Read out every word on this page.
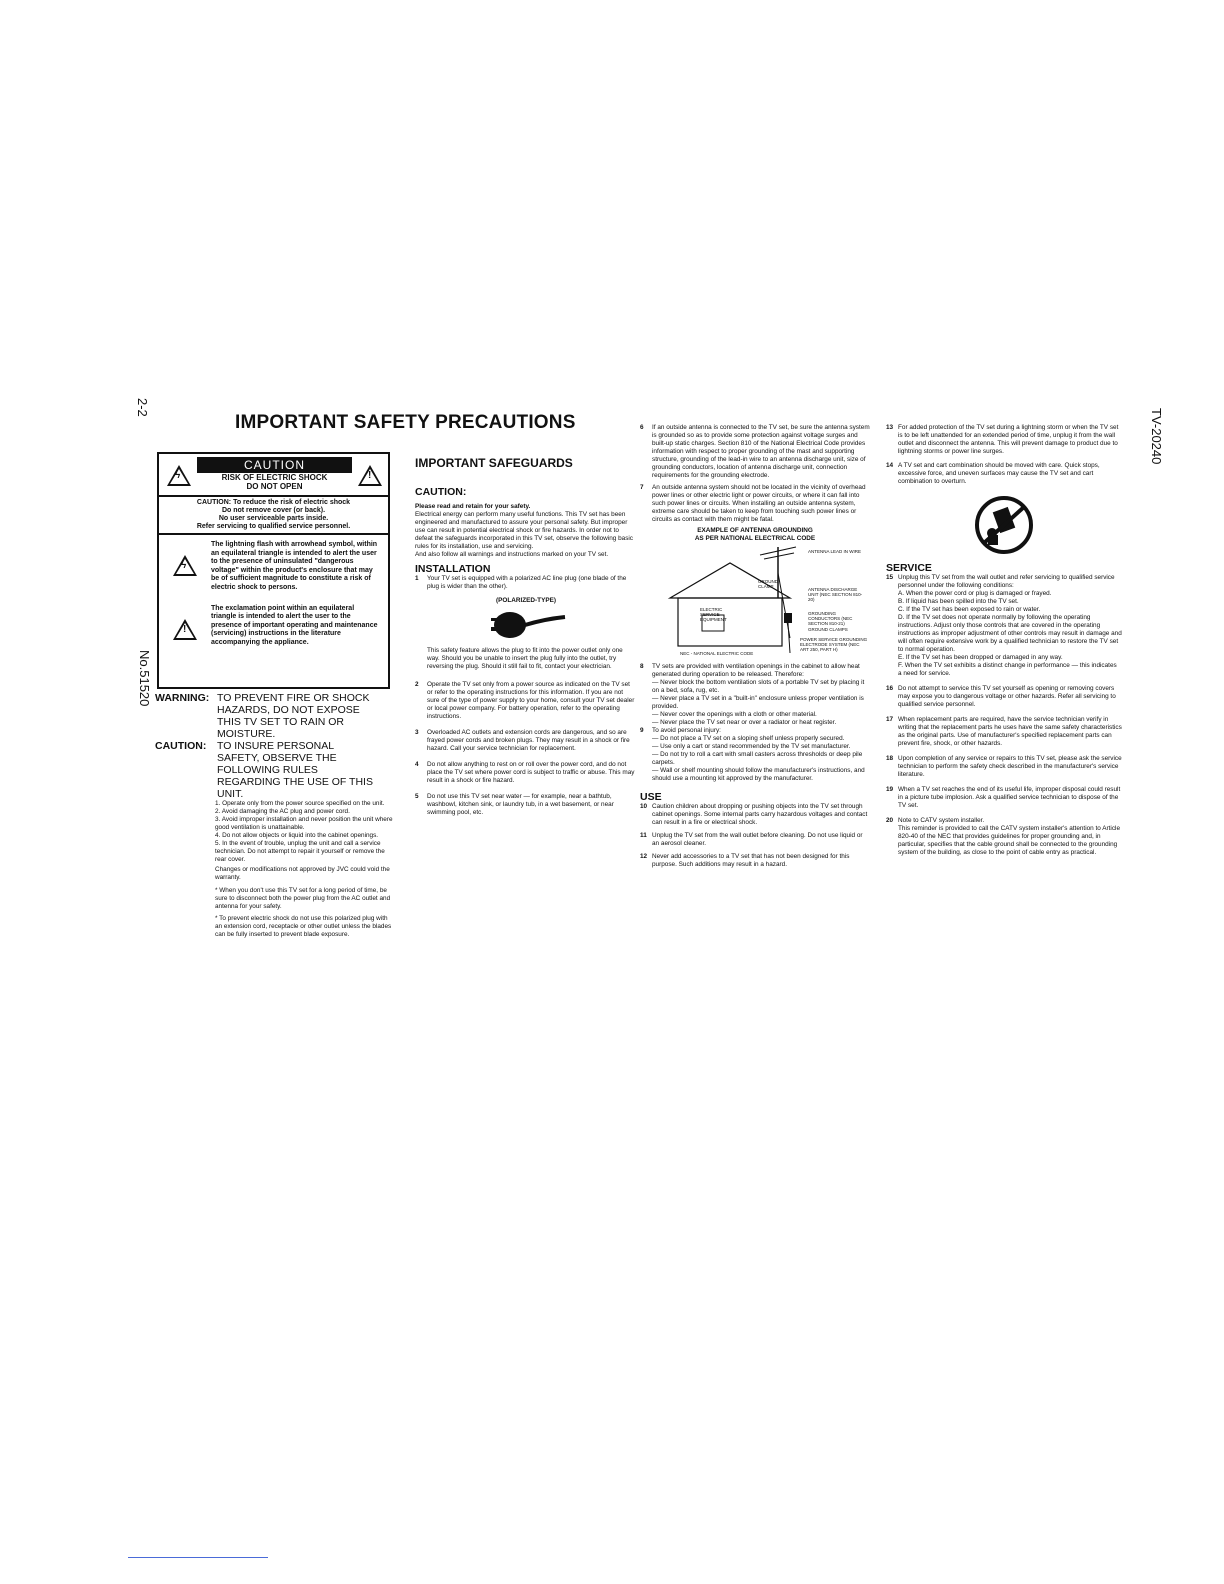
2-2
No.51520
TV-20240
IMPORTANT SAFETY PRECAUTIONS
ϟ
CAUTION
RISK OF ELECTRIC SHOCK
DO NOT OPEN
!
CAUTION: To reduce the risk of electric shock
Do not remove cover (or back).
No user serviceable parts inside.
Refer servicing to qualified service personnel.
ϟ
The lightning flash with arrowhead symbol, within an equilateral triangle is intended to alert the user to the presence of uninsulated "dangerous voltage" within the product's enclosure that may be of sufficient magnitude to constitute a risk of electric shock to persons.
!
The exclamation point within an equilateral triangle is intended to alert the user to the presence of important operating and maintenance (servicing) instructions in the literature accompanying the appliance.
WARNING: TO PREVENT FIRE OR SHOCK HAZARDS, DO NOT EXPOSE THIS TV SET TO RAIN OR MOISTURE.
CAUTION:	TO INSURE PERSONAL SAFETY, OBSERVE THE FOLLOWING RULES REGARDING THE USE OF THIS UNIT.
1. Operate only from the power source specified on the unit.
2. Avoid damaging the AC plug and power cord.
3. Avoid improper installation and never position the unit where good ventilation is unattainable.
4. Do not allow objects or liquid into the cabinet openings.
5. In the event of trouble, unplug the unit and call a service technician. Do not attempt to repair it yourself or remove the rear cover.
Changes or modifications not approved by JVC could void the warranty.
* When you don't use this TV set for a long period of time, be sure to disconnect both the power plug from the AC outlet and antenna for your safety.
* To prevent electric shock do not use this polarized plug with an extension cord, receptacle or other outlet unless the blades can be fully inserted to prevent blade exposure.
IMPORTANT SAFEGUARDS
CAUTION:
Please read and retain for your safety.
Electrical energy can perform many useful functions. This TV set has been engineered and manufactured to assure your personal safety. But improper use can result in potential electrical shock or fire hazards. In order not to defeat the safeguards incorporated in this TV set, observe the following basic rules for its installation, use and servicing.
And also follow all warnings and instructions marked on your TV set.
INSTALLATION
1	Your TV set is equipped with a polarized AC line plug (one blade of the plug is wider than the other).
(POLARIZED-TYPE)
This safety feature allows the plug to fit into the power outlet only one way. Should you be unable to insert the plug fully into the outlet, try reversing the plug. Should it still fail to fit, contact your electrician.
2	Operate the TV set only from a power source as indicated on the TV set or refer to the operating instructions for this information. If you are not sure of the type of power supply to your home, consult your TV set dealer or local power company. For battery operation, refer to the operating instructions.
3	Overloaded AC outlets and extension cords are dangerous, and so are frayed power cords and broken plugs. They may result in a shock or fire hazard. Call your service technician for replacement.
4	Do not allow anything to rest on or roll over the power cord, and do not place the TV set where power cord is subject to traffic or abuse. This may result in a shock or fire hazard.
5	Do not use this TV set near water — for example, near a bathtub, washbowl, kitchen sink, or laundry tub, in a wet basement, or near swimming pool, etc.
6	If an outside antenna is connected to the TV set, be sure the antenna system is grounded so as to provide some protection against voltage surges and built-up static charges. Section 810 of the National Electrical Code provides information with respect to proper grounding of the mast and supporting structure, grounding of the lead-in wire to an antenna discharge unit, size of grounding conductors, location of antenna discharge unit, connection requirements for the grounding electrode.
7	An outside antenna system should not be located in the vicinity of overhead power lines or other electric light or power circuits, or where it can fall into such power lines or circuits. When installing an outside antenna system, extreme care should be taken to keep from touching such power lines or circuits as contact with them might be fatal.
EXAMPLE OF ANTENNA GROUNDING
AS PER NATIONAL ELECTRICAL CODE
ANTENNA LEAD IN WIRE
GROUND CLAMP
ANTENNA DISCHARGE UNIT (NEC SECTION 810-20)
ELECTRIC SERVICE EQUIPMENT
GROUNDING CONDUCTORS (NEC SECTION 810-21)
GROUND CLAMPS
POWER SERVICE GROUNDING ELECTRODE SYSTEM (NEC ART 250, PART H)
NEC - NATIONAL ELECTRIC CODE
8	TV sets are provided with ventilation openings in the cabinet to allow heat generated during operation to be released. Therefore:
— Never block the bottom ventilation slots of a portable TV set by placing it on a bed, sofa, rug, etc.
— Never place a TV set in a "built-in" enclosure unless proper ventilation is provided.
— Never cover the openings with a cloth or other material.
— Never place the TV set near or over a radiator or heat register.
9	To avoid personal injury:
— Do not place a TV set on a sloping shelf unless properly secured.
— Use only a cart or stand recommended by the TV set manufacturer.
— Do not try to roll a cart with small casters across thresholds or deep pile carpets.
— Wall or shelf mounting should follow the manufacturer's instructions, and should use a mounting kit approved by the manufacturer.
USE
10 Caution children about dropping or pushing objects into the TV set through cabinet openings. Some internal parts carry hazardous voltages and contact can result in a fire or electrical shock.
11 Unplug the TV set from the wall outlet before cleaning. Do not use liquid or an aerosol cleaner.
12 Never add accessories to a TV set that has not been designed for this purpose. Such additions may result in a hazard.
13 For added protection of the TV set during a lightning storm or when the TV set is to be left unattended for an extended period of time, unplug it from the wall outlet and disconnect the antenna. This will prevent damage to product due to lightning storms or power line surges.
14 A TV set and cart combination should be moved with care. Quick stops, excessive force, and uneven surfaces may cause the TV set and cart combination to overturn.
SERVICE
15 Unplug this TV set from the wall outlet and refer servicing to qualified service personnel under the following conditions:
A. When the power cord or plug is damaged or frayed.
B. If liquid has been spilled into the TV set.
C. If the TV set has been exposed to rain or water.
D. If the TV set does not operate normally by following the operating instructions. Adjust only those controls that are covered in the operating instructions as improper adjustment of other controls may result in damage and will often require extensive work by a qualified technician to restore the TV set to normal operation.
E. If the TV set has been dropped or damaged in any way.
F. When the TV set exhibits a distinct change in performance — this indicates a need for service.
16 Do not attempt to service this TV set yourself as opening or removing covers may expose you to dangerous voltage or other hazards. Refer all servicing to qualified service personnel.
17 When replacement parts are required, have the service technician verify in writing that the replacement parts he uses have the same safety characteristics as the original parts. Use of manufacturer's specified replacement parts can prevent fire, shock, or other hazards.
18 Upon completion of any service or repairs to this TV set, please ask the service technician to perform the safety check described in the manufacturer's service literature.
19 When a TV set reaches the end of its useful life, improper disposal could result in a picture tube implosion. Ask a qualified service technician to dispose of the TV set.
20 Note to CATV system installer.
This reminder is provided to call the CATV system installer's attention to Article 820-40 of the NEC that provides guidelines for proper grounding and, in particular, specifies that the cable ground shall be connected to the grounding system of the building, as close to the point of cable entry as practical.
